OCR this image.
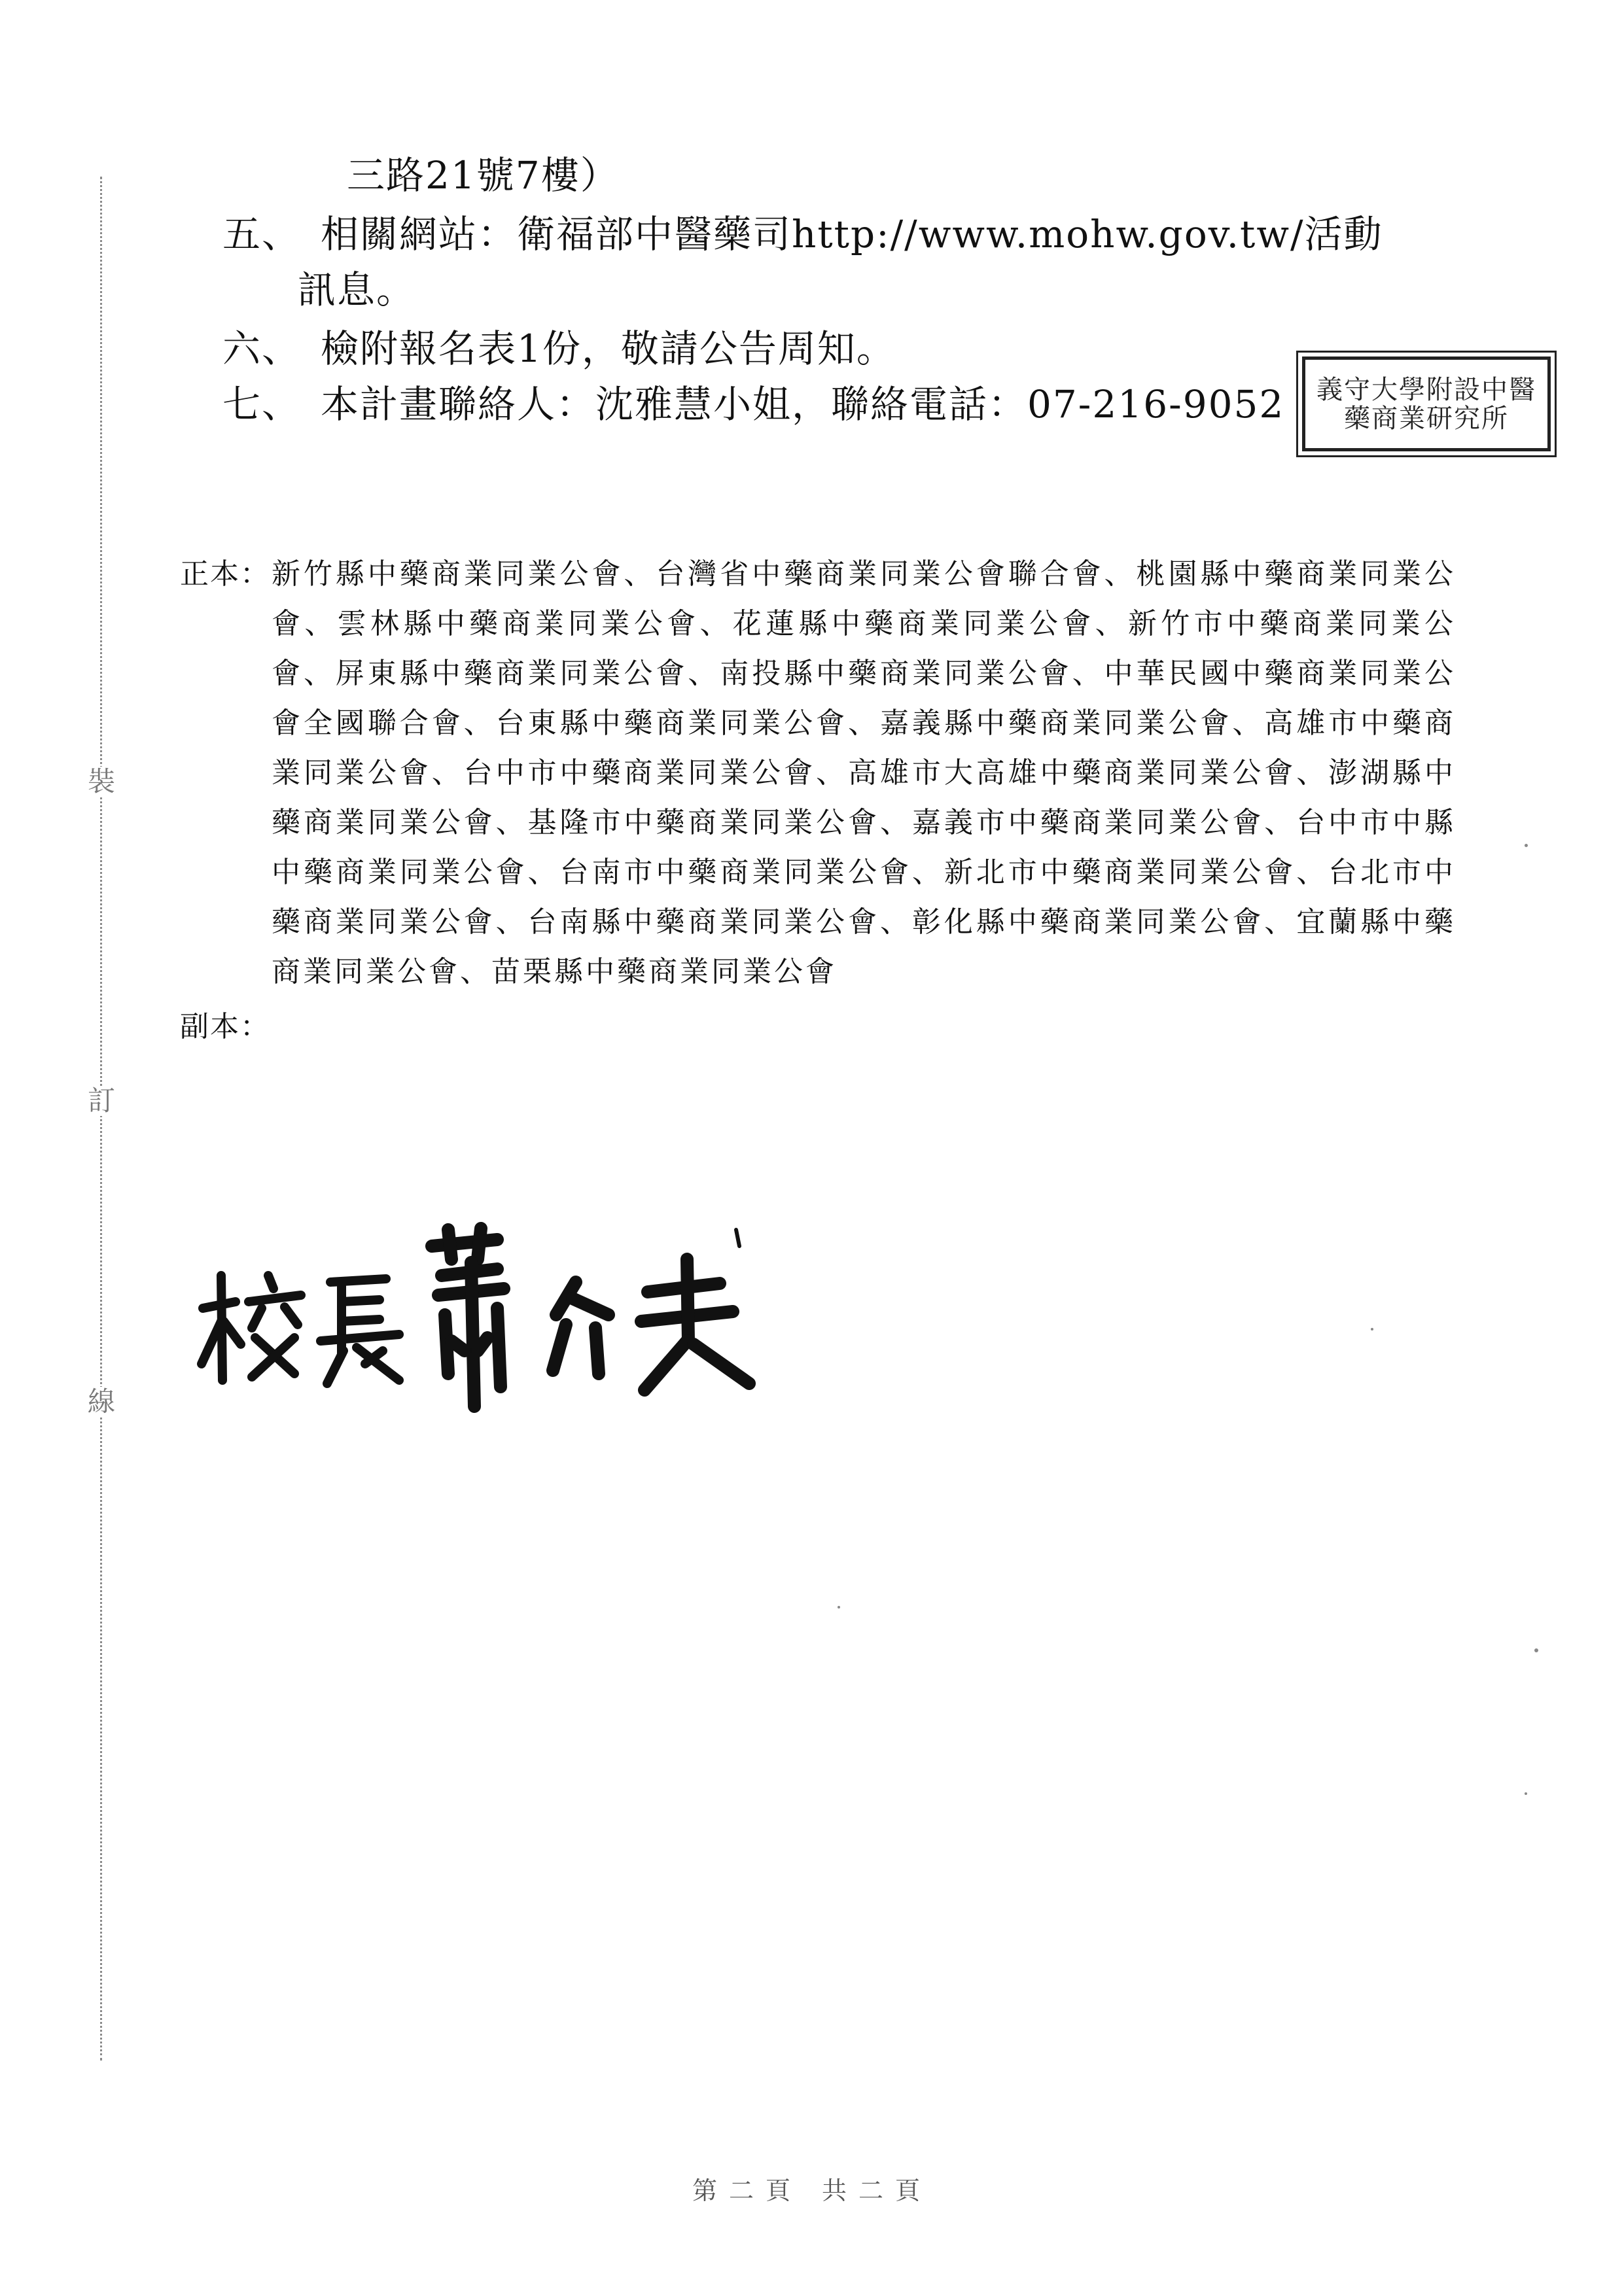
裝
訂
線
三路21號7樓）
五、 相關網站：衛福部中醫藥司http://www.mohw.gov.tw/活動
訊息。
六、 檢附報名表1份，敬請公告周知。
七、 本計畫聯絡人：沈雅慧小姐，聯絡電話：07-216-9052	義守大學附設中醫藥商業研究所
正本： 新竹縣中藥商業同業公會、台灣省中藥商業同業公會聯合會、桃園縣中藥商業同業公會、雲林縣中藥商業同業公會、花蓮縣中藥商業同業公會、新竹市中藥商業同業公會、屏東縣中藥商業同業公會、南投縣中藥商業同業公會、中華民國中藥商業同業公會全國聯合會、台東縣中藥商業同業公會、嘉義縣中藥商業同業公會、高雄市中藥商業同業公會、台中市中藥商業同業公會、高雄市大高雄中藥商業同業公會、澎湖縣中藥商業同業公會、基隆市中藥商業同業公會、嘉義市中藥商業同業公會、台中市中縣中藥商業同業公會、台南市中藥商業同業公會、新北市中藥商業同業公會、台北市中藥商業同業公會、台南縣中藥商業同業公會、彰化縣中藥商業同業公會、宜蘭縣中藥商業同業公會、苗栗縣中藥商業同業公會
副本：
第二頁 共二頁
